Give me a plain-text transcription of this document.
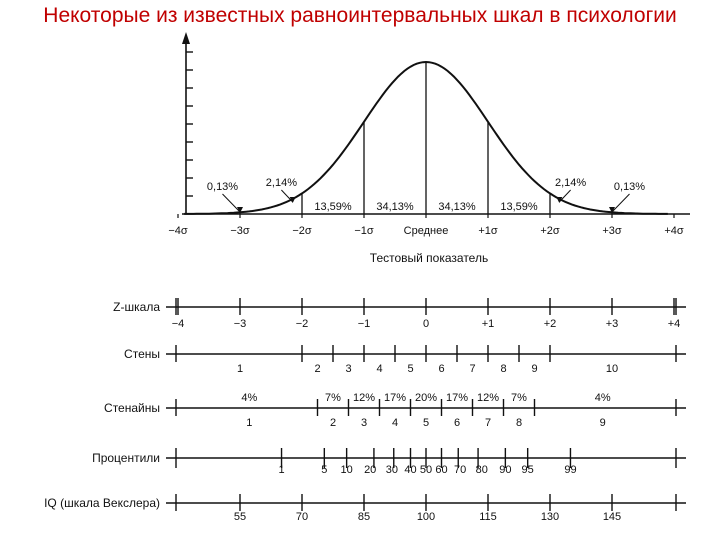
Некоторые из известных равноинтервальных шкал в психологии
−4σ	−3σ	−2σ	−1σ	Среднее	+1σ	+2σ	+3σ	+4σ
Тестовый показатель
0,13%	2,14%
13,59% 34,13% 34,13% 13,59%
2,14%	0,13%
Z-шкала
−4	−3	−2	−1	0	+1	+2	+3	+4
Стены
1	2 3 4 5 6 7 8 9	10
Стенайны
1	2 3 4 5 6 7 8	9
4%	7% 12% 17% 20% 17% 12% 7%	4%
Процентили
1	5 10 20 30 40 50 60 70 80 90 95	99
IQ (шкала Векслера)
55	70	85	100	115	130	145
